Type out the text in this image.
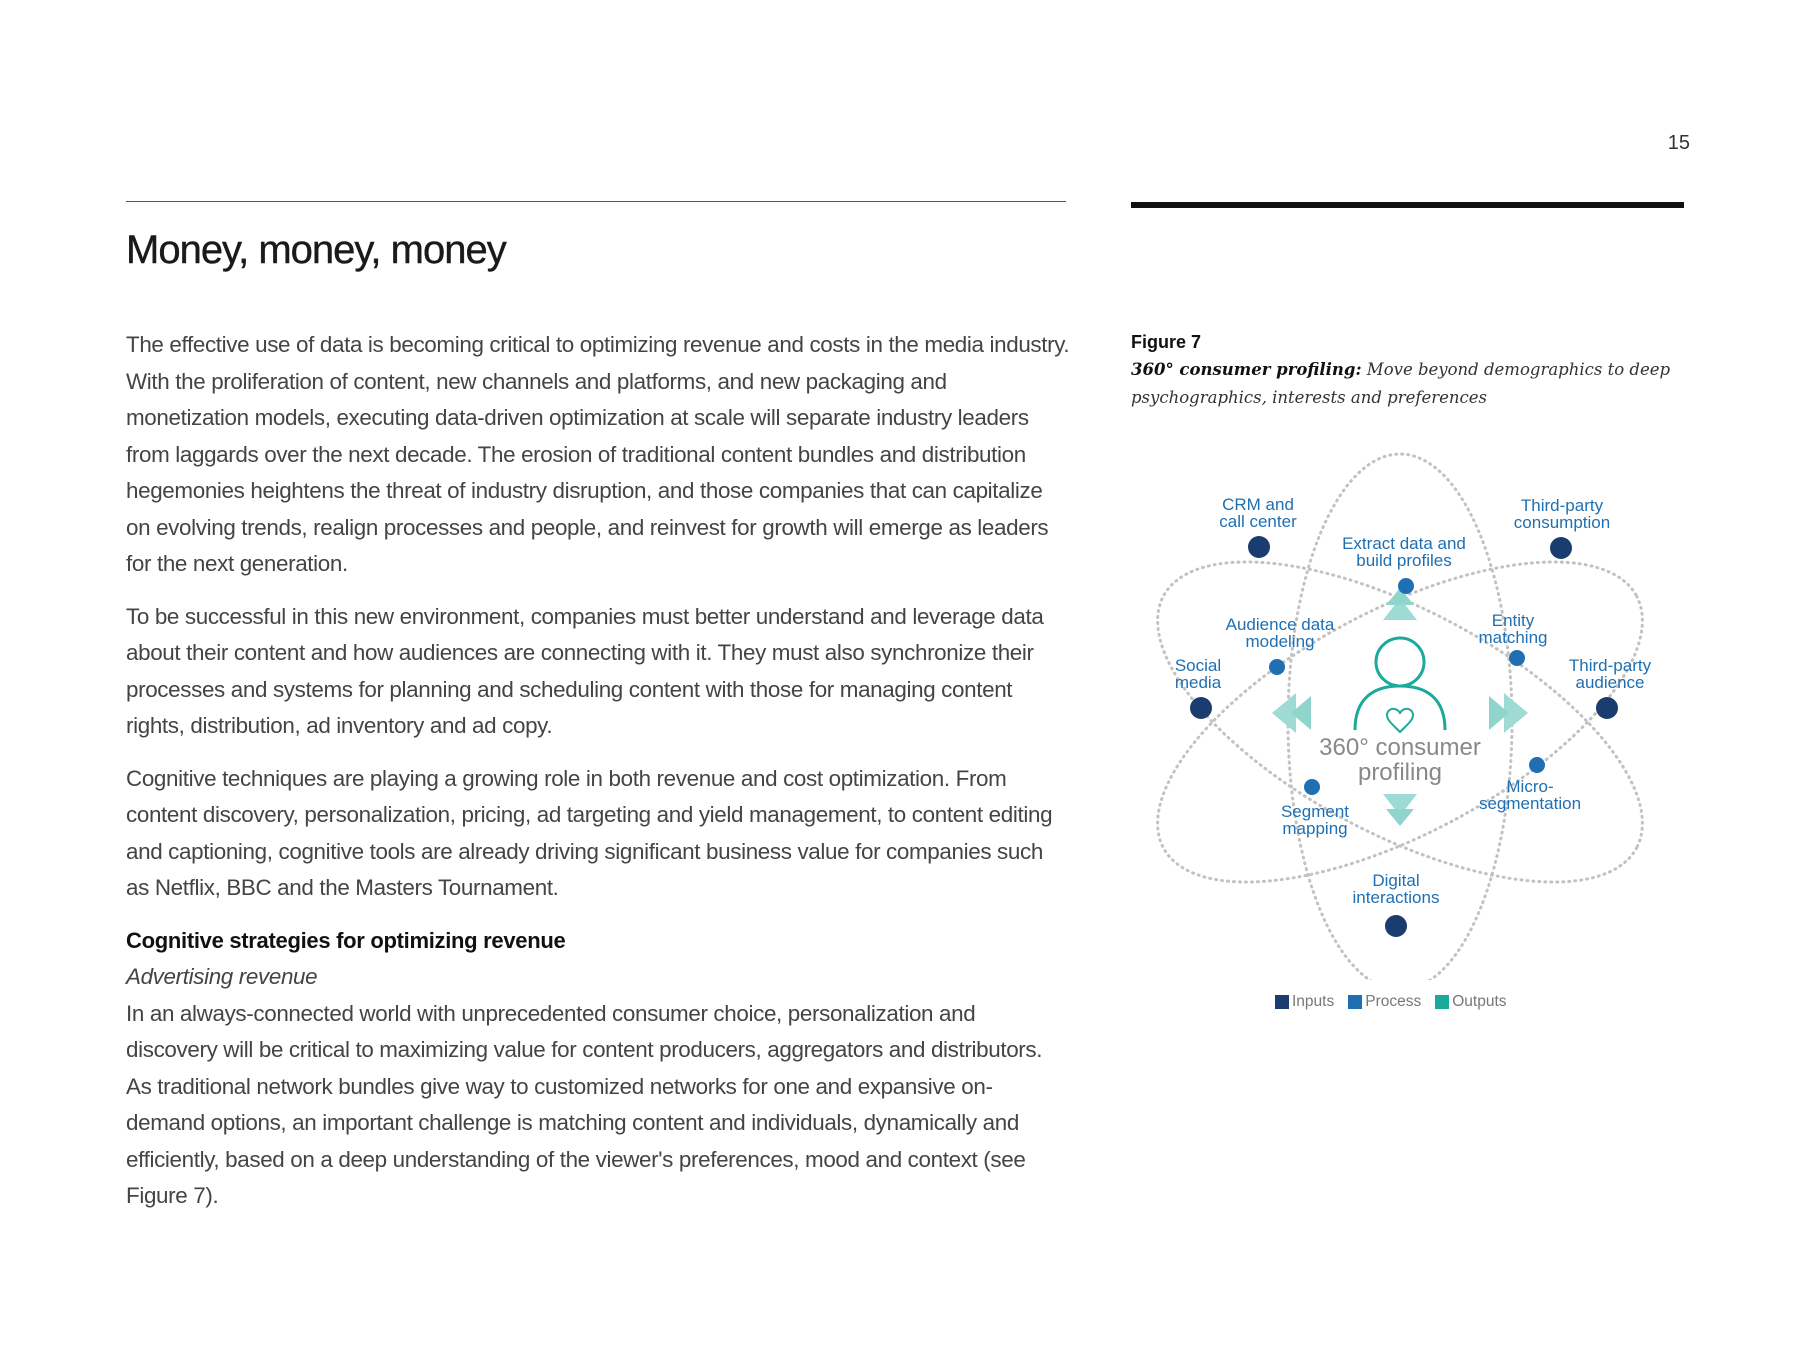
15
Money, money, money

The effective use of data is becoming critical to optimizing revenue and costs in the media industry. With the proliferation of content, new channels and platforms, and new packaging and monetization models, executing data-driven optimization at scale will separate industry leaders from laggards over the next decade. The erosion of traditional content bundles and distribution hegemonies heightens the threat of industry disruption, and those companies that can capitalize on evolving trends, realign processes and people, and reinvest for growth will emerge as leaders for the next generation.

To be successful in this new environment, companies must better understand and leverage data about their content and how audiences are connecting with it. They must also synchronize their processes and systems for planning and scheduling content with those for managing content rights, distribution, ad inventory and ad copy.

Cognitive techniques are playing a growing role in both revenue and cost optimization. From content discovery, personalization, pricing, ad targeting and yield management, to content editing and captioning, cognitive tools are already driving significant business value for companies such as Netflix, BBC and the Masters Tournament.

Cognitive strategies for optimizing revenue
Advertising revenue

In an always-connected world with unprecedented consumer choice, personalization and discovery will be critical to maximizing value for content producers, aggregators and distributors. As traditional network bundles give way to customized networks for one and expansive on-demand options, an important challenge is matching content and individuals, dynamically and efficiently, based on a deep understanding of the viewer's preferences, mood and context (see Figure 7).

Figure 7

360° consumer profiling: Move beyond demographics to deep psychographics, interests and preferences

360° consumer
profiling
CRM and
call center
Third-party
consumption
Social
media
Third-party
audience
Digital
interactions
Extract data and
build profiles
Audience data
modeling
Entity
matching
Segment
mapping
Micro-
segmentation
Inputs Process Outputs
